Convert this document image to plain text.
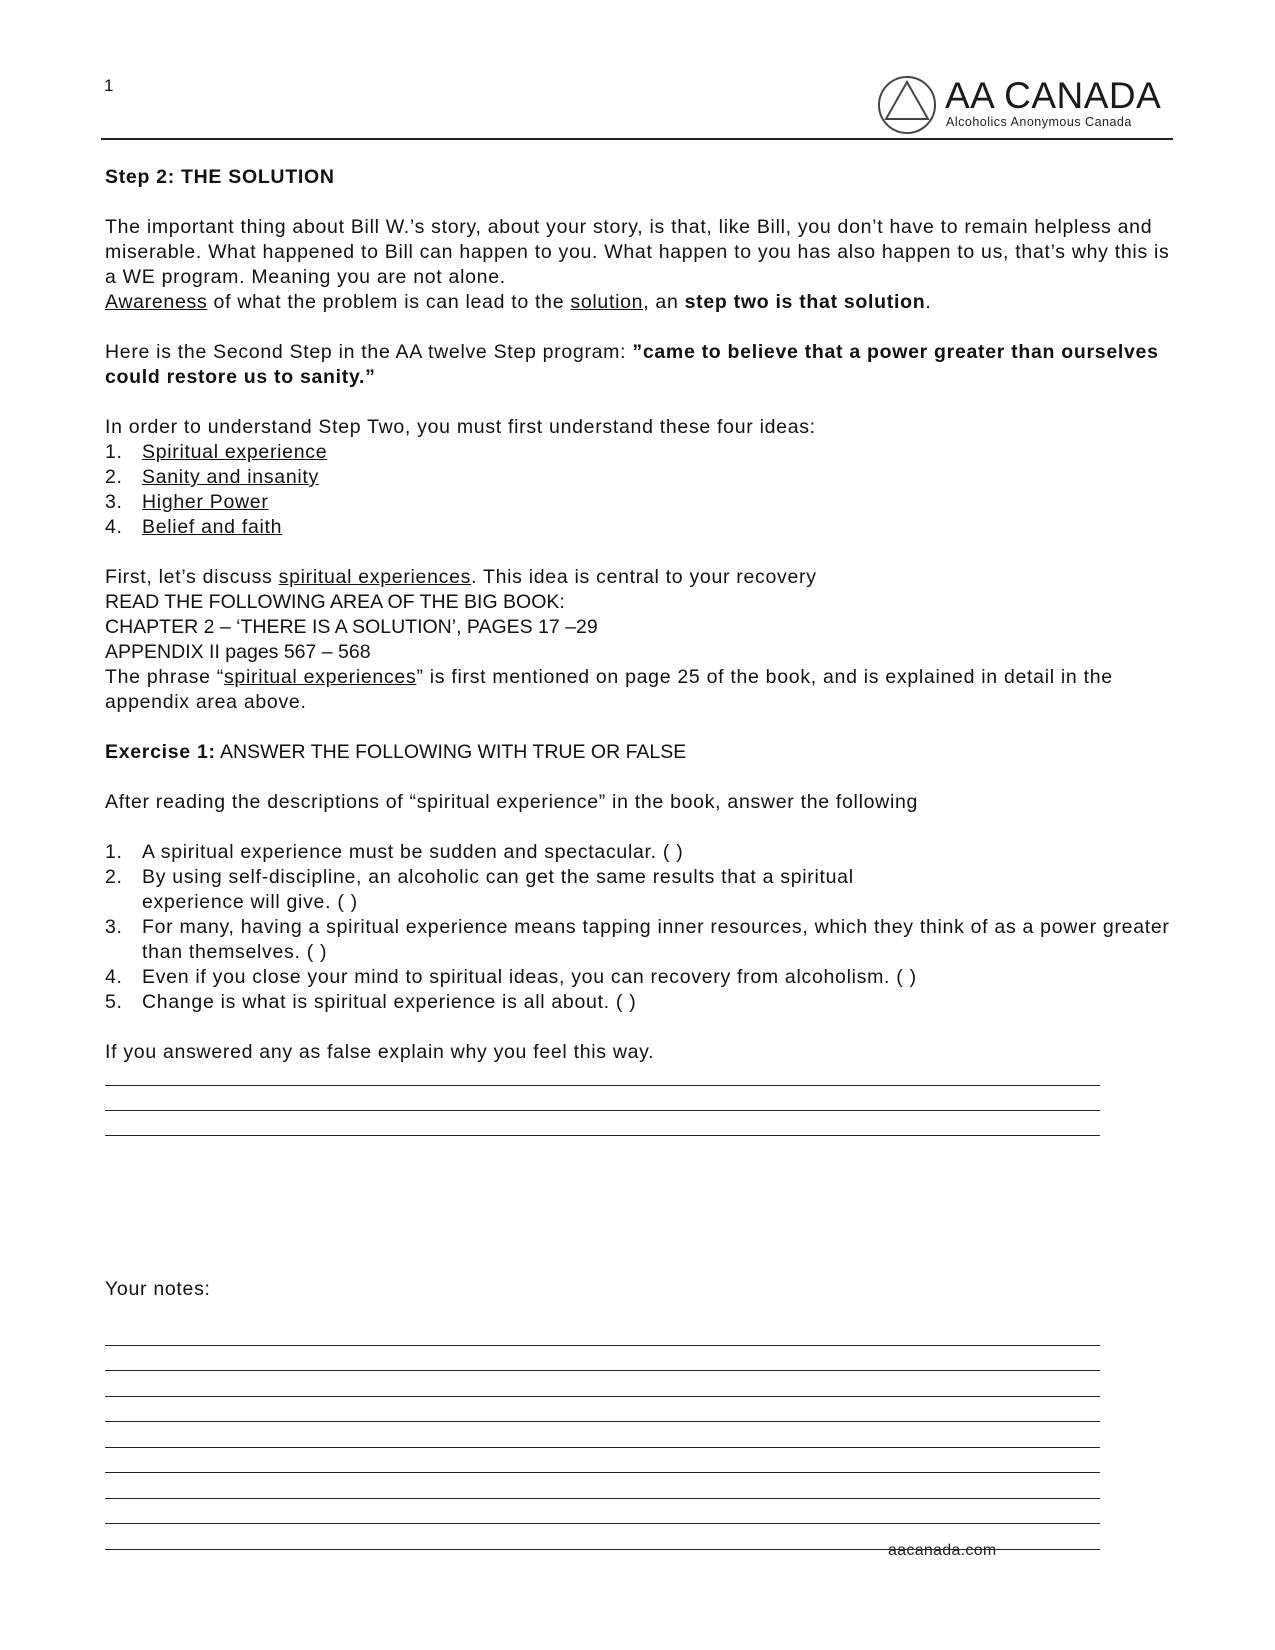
1	AA CANADA
Alcoholics Anonymous Canada

Step 2: THE SOLUTION

The important thing about Bill W.’s story, about your story, is that, like Bill, you don’t have to remain helpless and miserable. What happened to Bill can happen to you. What happen to you has also happen to us, that’s why this is a WE program. Meaning you are not alone.
Awareness of what the problem is can lead to the solution, an step two is that solution.

Here is the Second Step in the AA twelve Step program: ”came to believe that a power greater than ourselves could restore us to sanity.”

In order to understand Step Two, you must first understand these four ideas:
1. Spiritual experience
2. Sanity and insanity
3. Higher Power
4. Belief and faith

First, let’s discuss spiritual experiences. This idea is central to your recovery
READ THE FOLLOWING AREA OF THE BIG BOOK:
CHAPTER 2 – ‘THERE IS A SOLUTION’, PAGES 17 –29
APPENDIX II pages 567 – 568
The phrase “spiritual experiences” is first mentioned on page 25 of the book, and is explained in detail in the appendix area above.

Exercise 1: ANSWER THE FOLLOWING WITH TRUE OR FALSE

After reading the descriptions of “spiritual experience” in the book, answer the following

1. A spiritual experience must be sudden and spectacular. ( )
2. By using self-discipline, an alcoholic can get the same results that a spiritual experience will give. ( )
3. For many, having a spiritual experience means tapping inner resources, which they think of as a power greater than themselves. ( )
4. Even if you close your mind to spiritual ideas, you can recovery from alcoholism. ( )
5. Change is what is spiritual experience is all about. ( )
If you answered any as false explain why you feel this way.
Your notes:
aacanada.com
